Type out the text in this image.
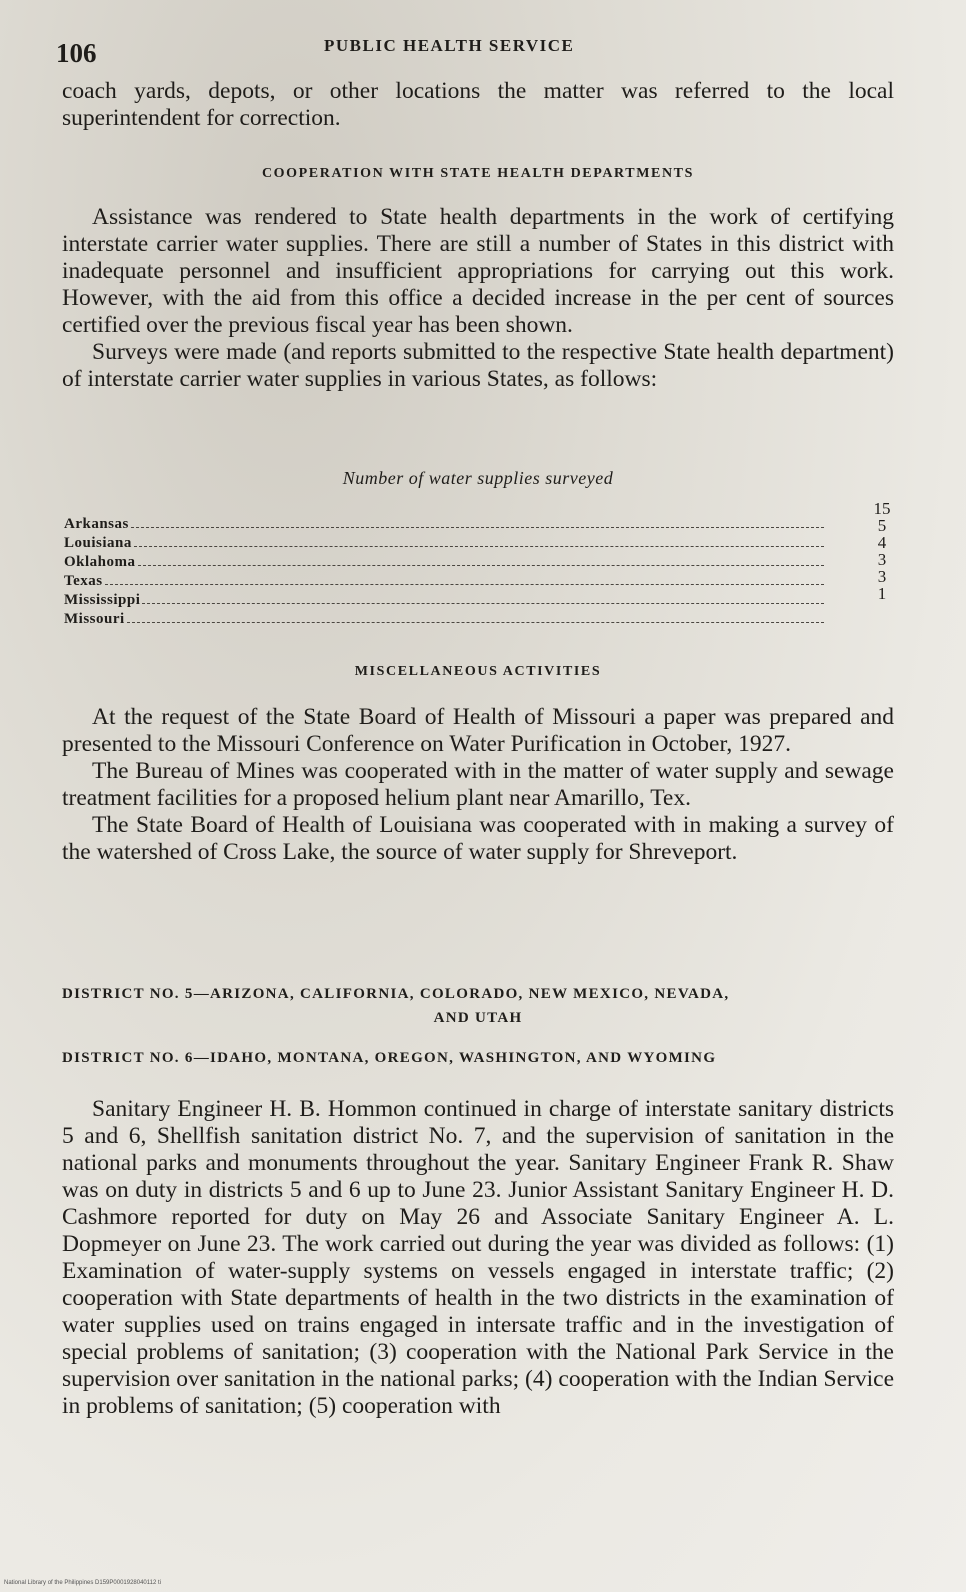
106	PUBLIC HEALTH SERVICE

coach yards, depots, or other locations the matter was referred to the local superintendent for correction.

COOPERATION WITH STATE HEALTH DEPARTMENTS

Assistance was rendered to State health departments in the work of certifying interstate carrier water supplies. There are still a number of States in this district with inadequate personnel and insufficient appropriations for carrying out this work. However, with the aid from this office a decided increase in the per cent of sources certified over the previous fiscal year has been shown.

Surveys were made (and reports submitted to the respective State health department) of interstate carrier water supplies in various States, as follows:

Number of water supplies surveyed
Arkansas
Louisiana
Oklahoma
Texas
Mississippi
Missouri
15
5
4
3
3
1
MISCELLANEOUS ACTIVITIES

At the request of the State Board of Health of Missouri a paper was prepared and presented to the Missouri Conference on Water Purification in October, 1927.

The Bureau of Mines was cooperated with in the matter of water supply and sewage treatment facilities for a proposed helium plant near Amarillo, Tex.

The State Board of Health of Louisiana was cooperated with in making a survey of the watershed of Cross Lake, the source of water supply for Shreveport.

DISTRICT NO. 5—ARIZONA, CALIFORNIA, COLORADO, NEW MEXICO, NEVADA,
AND UTAH
DISTRICT NO. 6—IDAHO, MONTANA, OREGON, WASHINGTON, AND WYOMING

Sanitary Engineer H. B. Hommon continued in charge of interstate sanitary districts 5 and 6, Shellfish sanitation district No. 7, and the supervision of sanitation in the national parks and monuments throughout the year. Sanitary Engineer Frank R. Shaw was on duty in districts 5 and 6 up to June 23. Junior Assistant Sanitary Engineer H. D. Cashmore reported for duty on May 26 and Associate Sanitary Engineer A. L. Dopmeyer on June 23. The work carried out during the year was divided as follows: (1) Examination of water-supply systems on vessels engaged in interstate traffic; (2) cooperation with State departments of health in the two districts in the examination of water supplies used on trains engaged in intersate traffic and in the investigation of special problems of sanitation; (3) cooperation with the National Park Service in the supervision over sanitation in the national parks; (4) cooperation with the Indian Service in problems of sanitation; (5) cooperation with

National Library of the Philippines D159P0001928040112 ti
